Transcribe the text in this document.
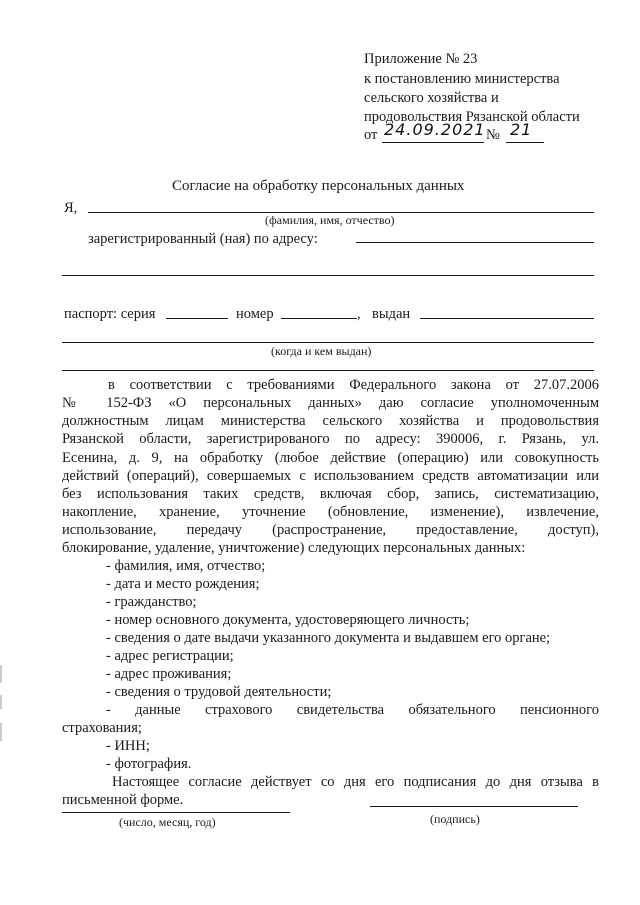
Приложение № 23
к постановлению министерства
сельского хозяйства и
продовольствия Рязанской области
от 24.09.2021 № 21
Согласие на обработку персональных данных
Я,
(фамилия, имя, отчество)
зарегистрированный (ная) по адресу:
паспорт: серия	номер	, выдан
(когда и кем выдан)
в соответствии с требованиями Федерального закона от 27.07.2006
№ 152-ФЗ «О персональных данных» даю согласие уполномоченным
должностным лицам министерства сельского хозяйства и продовольствия
Рязанской области, зарегистрированого по адресу: 390006, г. Рязань, ул.
Есенина, д. 9, на обработку (любое действие (операцию) или совокупность
действий (операций), совершаемых с использованием средств автоматизации или
без использования таких средств, включая сбор, запись, систематизацию,
накопление, хранение, уточнение (обновление, изменение), извлечение,
использование, передачу (распространение, предоставление, доступ),
блокирование, удаление, уничтожение) следующих персональных данных:
- фамилия, имя, отчество;
- дата и место рождения;
- гражданство;
- номер основного документа, удостоверяющего личность;
- сведения о дате выдачи указанного документа и выдавшем его органе;
- адрес регистрации;
- адрес проживания;
- сведения о трудовой деятельности;
- данные страхового свидетельства обязательного пенсионного
страхования;
- ИНН;
- фотография.
Настоящее согласие действует со дня его подписания до дня отзыва в
письменной форме.
(число, месяц, год)	(подпись)
